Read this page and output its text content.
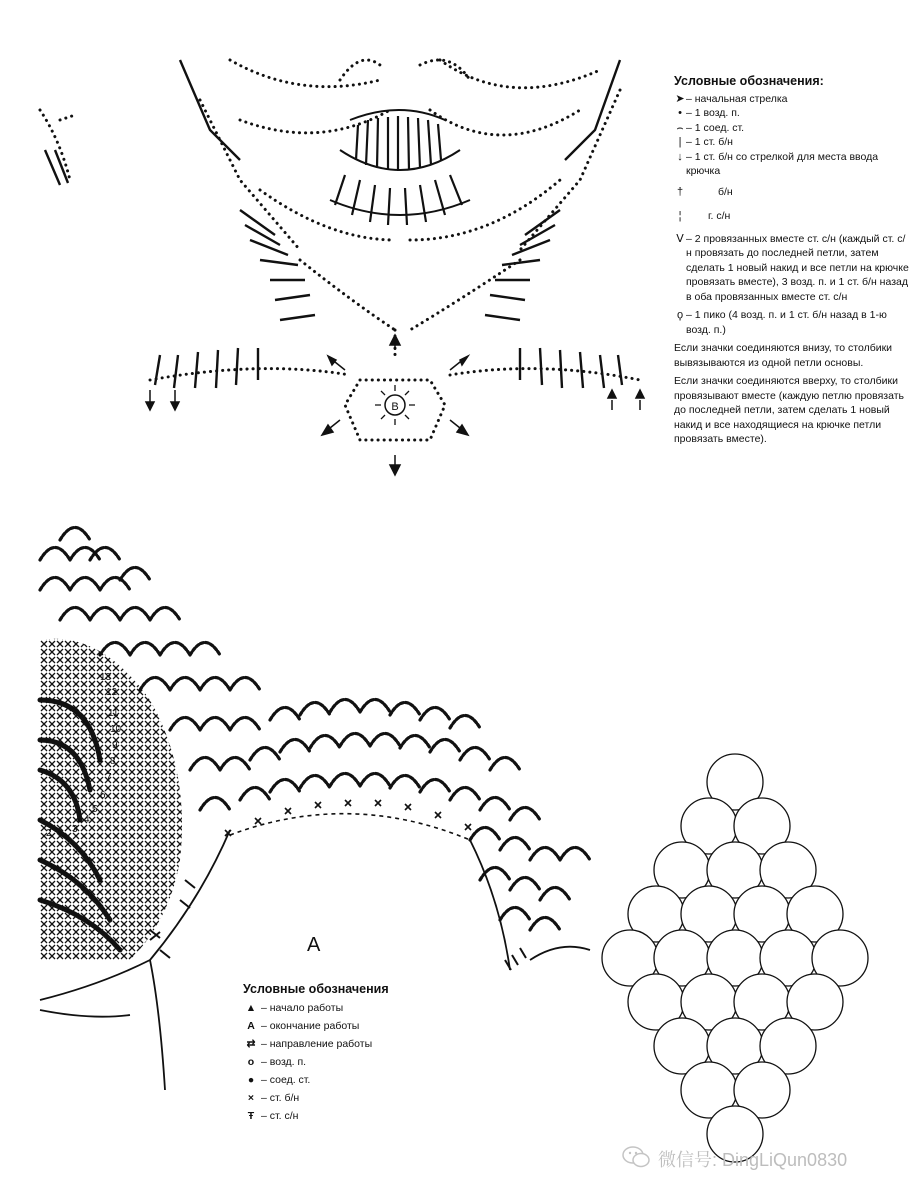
B
13
12
11
10
9
8
7
6
5
4
3
2
Условные обозначения:
➤ – начальная стрелка
• – 1 возд. п.
⌢ – 1 соед. ст.
| – 1 ст. б/н
↓ – 1 ст. б/н со стрелкой для места ввода крючка
†	б/н
¦	г. с/н
Ⅴ – 2 провязанных вместе ст. с/н (каждый ст. с/н провязать до последней петли, затем сделать 1 новый накид и все петли на крючке провязать вместе), 3 возд. п. и 1 ст. б/н назад в оба провязанных вместе ст. с/н
ϙ – 1 пико (4 возд. п. и 1 ст. б/н назад в 1-ю возд. п.)
Если значки соединяются внизу, то столбики вывязываются из одной петли основы.
Если значки соединяются вверху, то столбики провязывают вместе (каждую петлю провязать до последней петли, затем сделать 1 новый накид и все находящиеся на крючке петли провязать вместе).
A
Условные обозначения
▲ – начало работы
A – окончание работы
⇄ – направление работы
o – возд. п.
● – соед. ст.
× – ст. б/н
Ŧ – ст. с/н
微信号: DingLiQun0830
